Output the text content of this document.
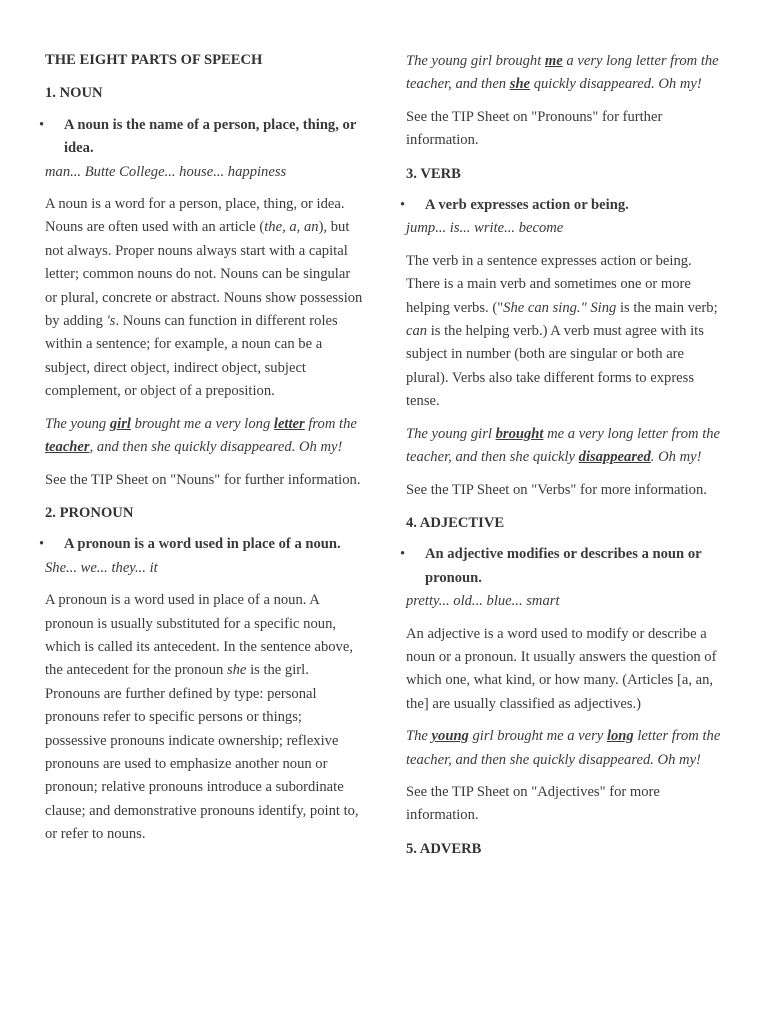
THE EIGHT PARTS OF SPEECH
1. NOUN
• A noun is the name of a person, place, thing, or idea.

man... Butte College... house... happiness

A noun is a word for a person, place, thing, or idea. Nouns are often used with an article (the, a, an), but not always. Proper nouns always start with a capital letter; common nouns do not. Nouns can be singular or plural, concrete or abstract. Nouns show possession by adding 's. Nouns can function in different roles within a sentence; for example, a noun can be a subject, direct object, indirect object, subject complement, or object of a preposition.

The young girl brought me a very long letter from the teacher, and then she quickly disappeared. Oh my!

See the TIP Sheet on "Nouns" for further information.

2. PRONOUN
• A pronoun is a word used in place of a noun.

She... we... they... it

A pronoun is a word used in place of a noun. A pronoun is usually substituted for a specific noun, which is called its antecedent. In the sentence above, the antecedent for the pronoun she is the girl. Pronouns are further defined by type: personal pronouns refer to specific persons or things; possessive pronouns indicate ownership; reflexive pronouns are used to emphasize another noun or pronoun; relative pronouns introduce a subordinate clause; and demonstrative pronouns identify, point to, or refer to nouns.

The young girl brought me a very long letter from the teacher, and then she quickly disappeared. Oh my!

See the TIP Sheet on "Pronouns" for further information.

3. VERB
• A verb expresses action or being.

jump... is... write... become

The verb in a sentence expresses action or being. There is a main verb and sometimes one or more helping verbs. ("She can sing." Sing is the main verb; can is the helping verb.) A verb must agree with its subject in number (both are singular or both are plural). Verbs also take different forms to express tense.

The young girl brought me a very long letter from the teacher, and then she quickly disappeared. Oh my!

See the TIP Sheet on "Verbs" for more information.

4. ADJECTIVE
• An adjective modifies or describes a noun or pronoun.

pretty... old... blue... smart

An adjective is a word used to modify or describe a noun or a pronoun. It usually answers the question of which one, what kind, or how many. (Articles [a, an, the] are usually classified as adjectives.)

The young girl brought me a very long letter from the teacher, and then she quickly disappeared. Oh my!

See the TIP Sheet on "Adjectives" for more information.

5. ADVERB
